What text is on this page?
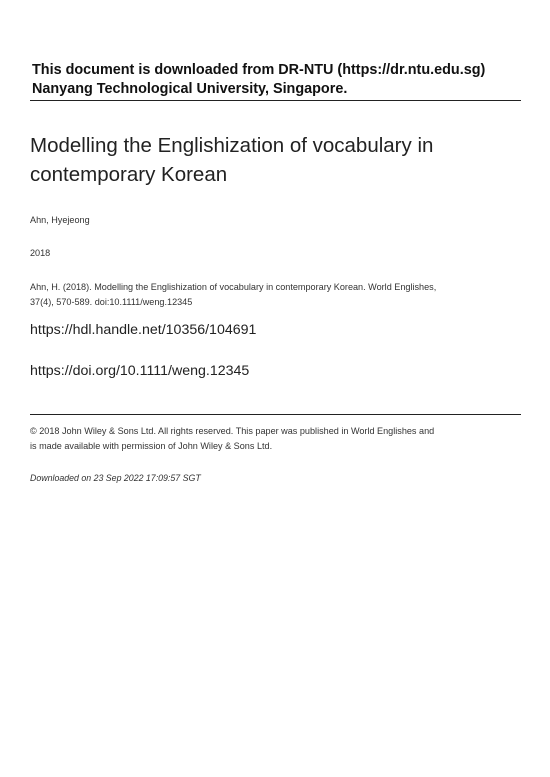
This document is downloaded from DR-NTU (https://dr.ntu.edu.sg)
Nanyang Technological University, Singapore.
Modelling the Englishization of vocabulary in contemporary Korean
Ahn, Hyejeong
2018
Ahn, H. (2018). Modelling the Englishization of vocabulary in contemporary Korean. World Englishes, 37(4), 570-589. doi:10.1111/weng.12345
https://hdl.handle.net/10356/104691
https://doi.org/10.1111/weng.12345
© 2018 John Wiley & Sons Ltd. All rights reserved. This paper was published in World Englishes and is made available with permission of John Wiley & Sons Ltd.
Downloaded on 23 Sep 2022 17:09:57 SGT
